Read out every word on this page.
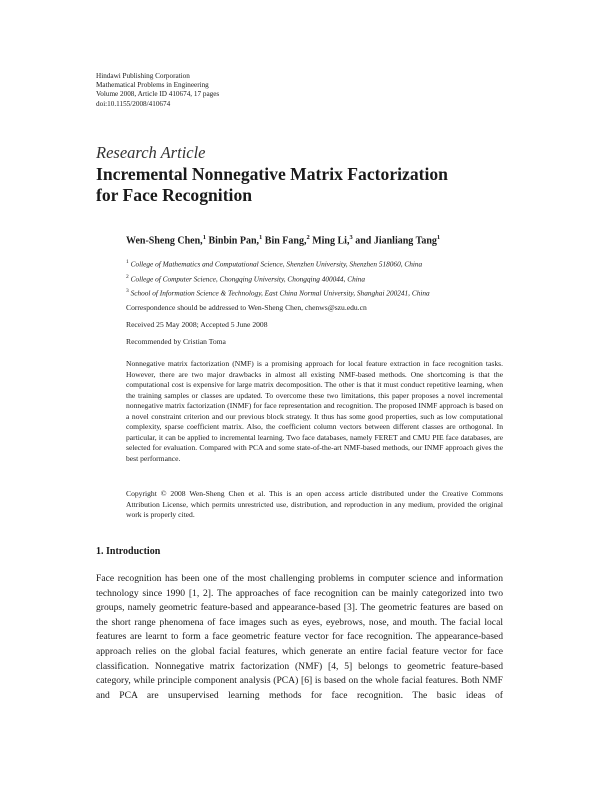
Hindawi Publishing Corporation
Mathematical Problems in Engineering
Volume 2008, Article ID 410674, 17 pages
doi:10.1155/2008/410674
Research Article
Incremental Nonnegative Matrix Factorization
for Face Recognition
Wen-Sheng Chen,$^1$ Binbin Pan,$^1$ Bin Fang,$^2$ Ming Li,$^3$ and Jianliang Tang$^1$
$^1$ College of Mathematics and Computational Science, Shenzhen University, Shenzhen 518060, China
$^2$ College of Computer Science, Chongqing University, Chongqing 400044, China
$^3$ School of Information Science & Technology, East China Normal University, Shanghai 200241, China
Correspondence should be addressed to Wen-Sheng Chen, chenws@szu.edu.cn
Received 25 May 2008; Accepted 5 June 2008
Recommended by Cristian Toma
Nonnegative matrix factorization (NMF) is a promising approach for local feature extraction in face recognition tasks. However, there are two major drawbacks in almost all existing NMF-based methods. One shortcoming is that the computational cost is expensive for large matrix decomposition. The other is that it must conduct repetitive learning, when the training samples or classes are updated. To overcome these two limitations, this paper proposes a novel incremental nonnegative matrix factorization (INMF) for face representation and recognition. The proposed INMF approach is based on a novel constraint criterion and our previous block strategy. It thus has some good properties, such as low computational complexity, sparse coefficient matrix. Also, the coefficient column vectors between different classes are orthogonal. In particular, it can be applied to incremental learning. Two face databases, namely FERET and CMU PIE face databases, are selected for evaluation. Compared with PCA and some state-of-the-art NMF-based methods, our INMF approach gives the best performance.
Copyright © 2008 Wen-Sheng Chen et al. This is an open access article distributed under the Creative Commons Attribution License, which permits unrestricted use, distribution, and reproduction in any medium, provided the original work is properly cited.
1. Introduction
Face recognition has been one of the most challenging problems in computer science and information technology since 1990 [1, 2]. The approaches of face recognition can be mainly categorized into two groups, namely geometric feature-based and appearance-based [3]. The geometric features are based on the short range phenomena of face images such as eyes, eyebrows, nose, and mouth. The facial local features are learnt to form a face geometric feature vector for face recognition. The appearance-based approach relies on the global facial features, which generate an entire facial feature vector for face classification. Nonnegative matrix factorization (NMF) [4, 5] belongs to geometric feature-based category, while principle component analysis (PCA) [6] is based on the whole facial features. Both NMF and PCA are unsupervised learning methods for face recognition. The basic ideas of
